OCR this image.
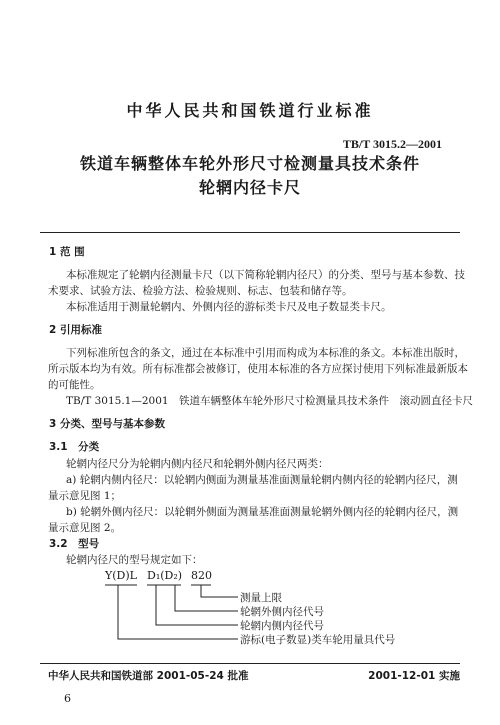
中华人民共和国铁道行业标准
TB/T 3015.2—2001
铁道车辆整体车轮外形尺寸检测量具技术条件
轮辋内径卡尺
1 范 围
本标准规定了轮辋内径测量卡尺（以下简称轮辋内径尺）的分类、型号与基本参数、技
术要求、试验方法、检验方法、检验规则、标志、包装和储存等。
本标准适用于测量轮辋内、外侧内径的游标类卡尺及电子数显类卡尺。
2 引用标准
下列标准所包含的条文，通过在本标准中引用而构成为本标准的条文。本标准出版时，
所示版本均为有效。所有标准都会被修订，使用本标准的各方应探讨使用下列标准最新版本
的可能性。
TB/T 3015.1—2001　铁道车辆整体车轮外形尺寸检测量具技术条件　滚动圆直径卡尺
3 分类、型号与基本参数
3.1　分类
轮辋内径尺分为轮辋内侧内径尺和轮辋外侧内径尺两类：
a) 轮辋内侧内径尺：以轮辋内侧面为测量基准面测量轮辋内侧内径的轮辋内径尺，测
量示意见图 1；
b) 轮辋外侧内径尺：以轮辋外侧面为测量基准面测量轮辋外侧内径的轮辋内径尺，测
量示意见图 2。
3.2　型号
轮辋内径尺的型号规定如下：
Y(D)L D₁(D₂) 820
测量上限
轮辋外侧内径代号
轮辋内侧内径代号
游标(电子数显)类车轮用量具代号
中华人民共和国铁道部 2001-05-24 批准	2001-12-01 实施
6
